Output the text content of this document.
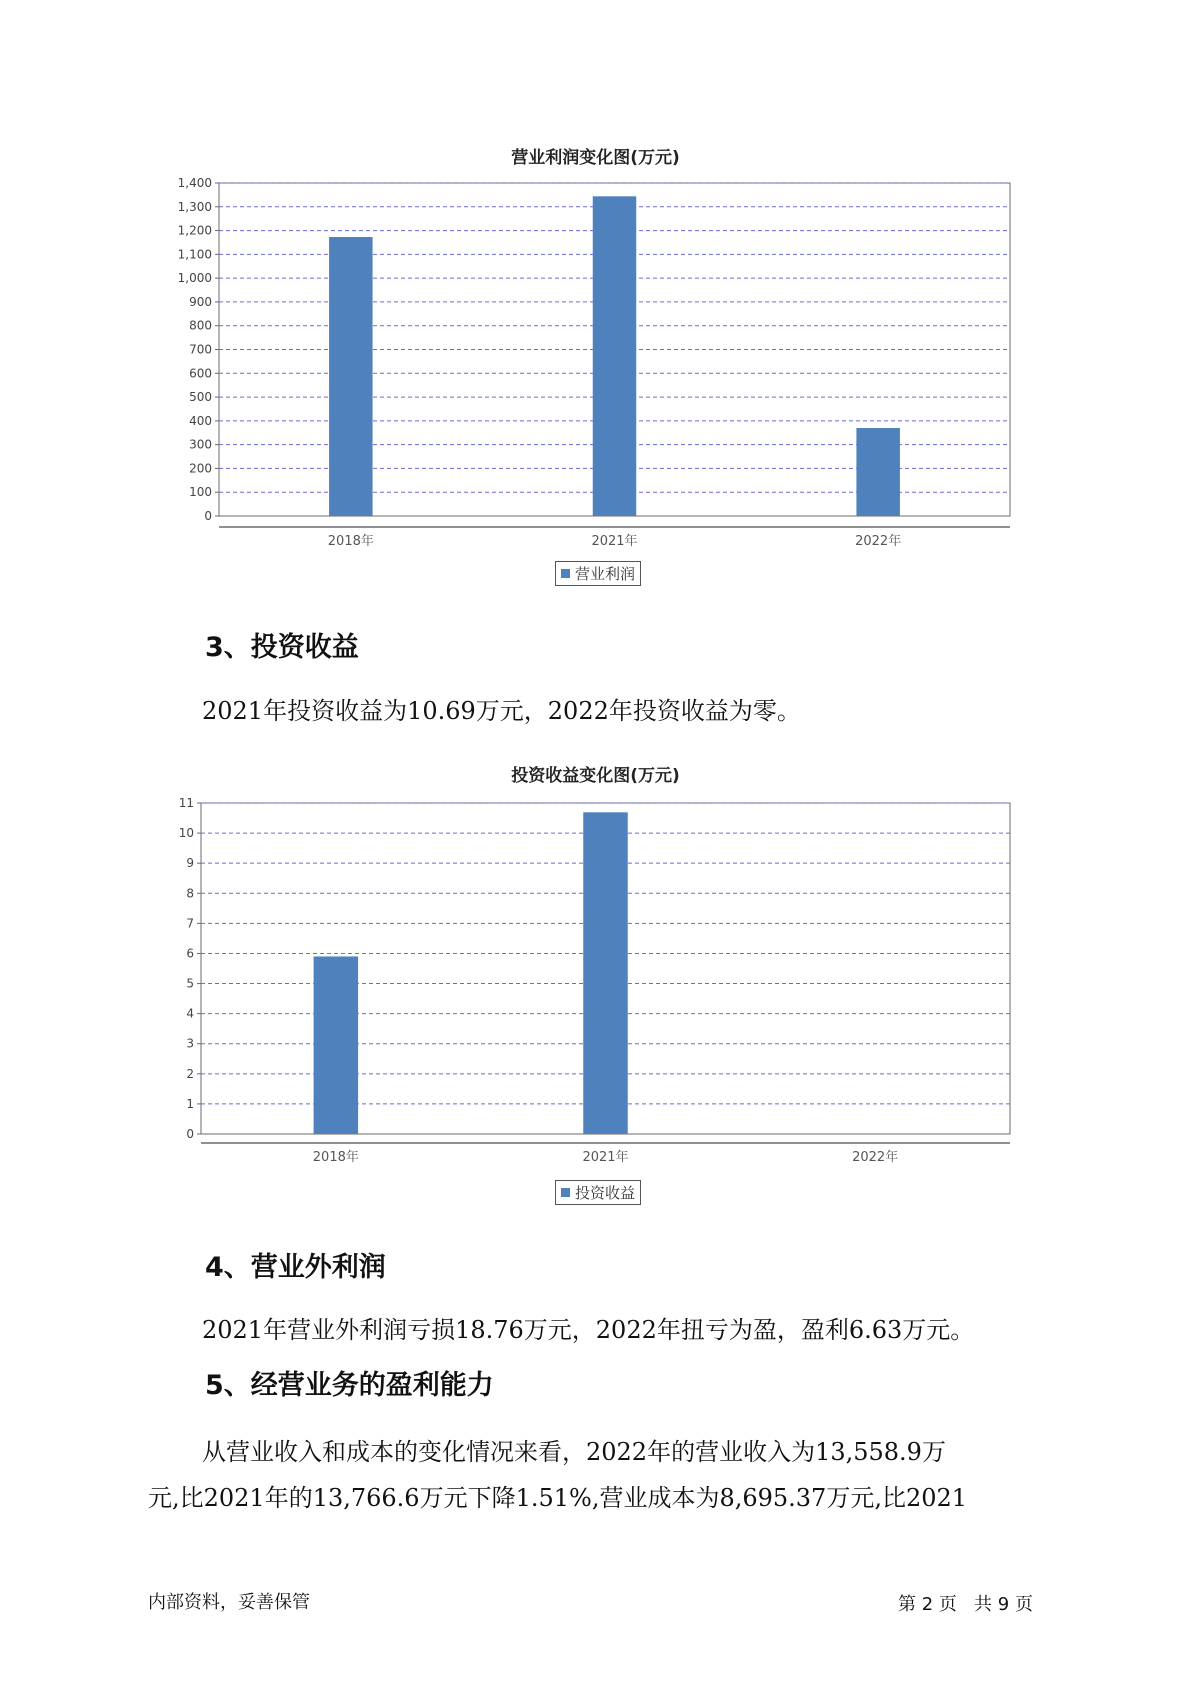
营业利润变化图(万元)
0
100
200
300
400
500
600
700
800
900
1,000
1,100
1,200
1,300
1,400
2018年	2021年	2022年
营业利润
3、投资收益
2021年投资收益为10.69万元，2022年投资收益为零。
投资收益变化图(万元)
0
1
2
3
4
5
6
7
8
9
10
11
2018年	2021年	2022年
投资收益
4、营业外利润
2021年营业外利润亏损18.76万元，2022年扭亏为盈，盈利6.63万元。
5、经营业务的盈利能力
从营业收入和成本的变化情况来看，2022年的营业收入为13,558.9万
元,比2021年的13,766.6万元下降1.51%,营业成本为8,695.37万元,比2021
内部资料，妥善保管	第 2 页   共 9 页
